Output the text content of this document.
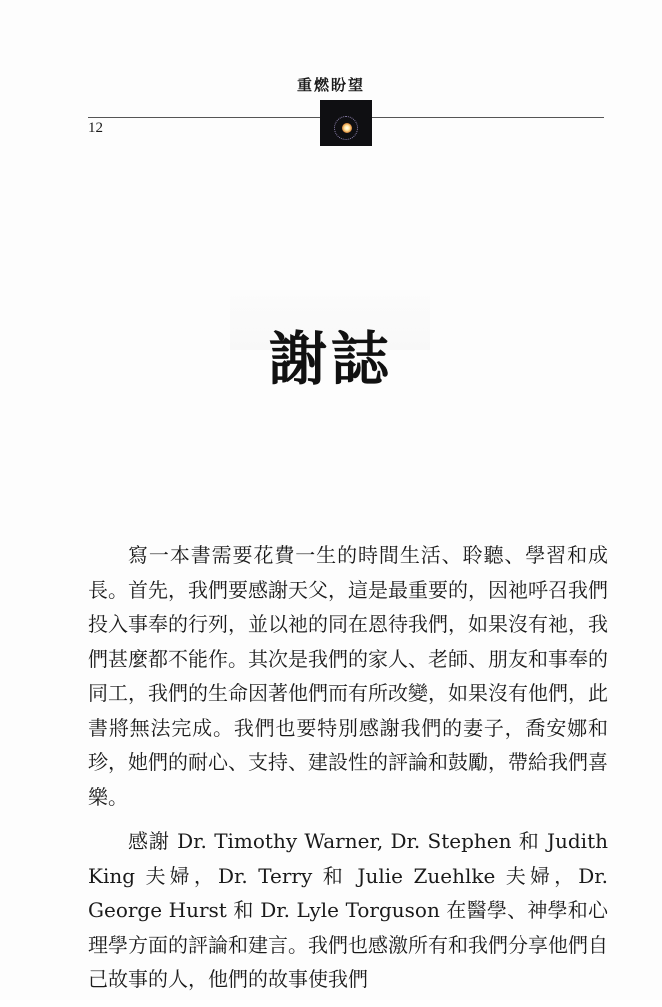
重燃盼望
12
謝誌

寫一本書需要花費一生的時間生活、聆聽、學習和成長。首先，我們要感謝天父，這是最重要的，因祂呼召我們投入事奉的行列，並以祂的同在恩待我們，如果沒有祂，我們甚麼都不能作。其次是我們的家人、老師、朋友和事奉的同工，我們的生命因著他們而有所改變，如果沒有他們，此書將無法完成。我們也要特別感謝我們的妻子，喬安娜和珍，她們的耐心、支持、建設性的評論和鼓勵，帶給我們喜樂。

感謝 Dr. Timothy Warner, Dr. Stephen 和 Judith King 夫婦，Dr. Terry 和 Julie Zuehlke 夫婦，Dr. George Hurst 和 Dr. Lyle Torguson 在醫學、神學和心理學方面的評論和建言。我們也感激所有和我們分享他們自己故事的人，他們的故事使我們
